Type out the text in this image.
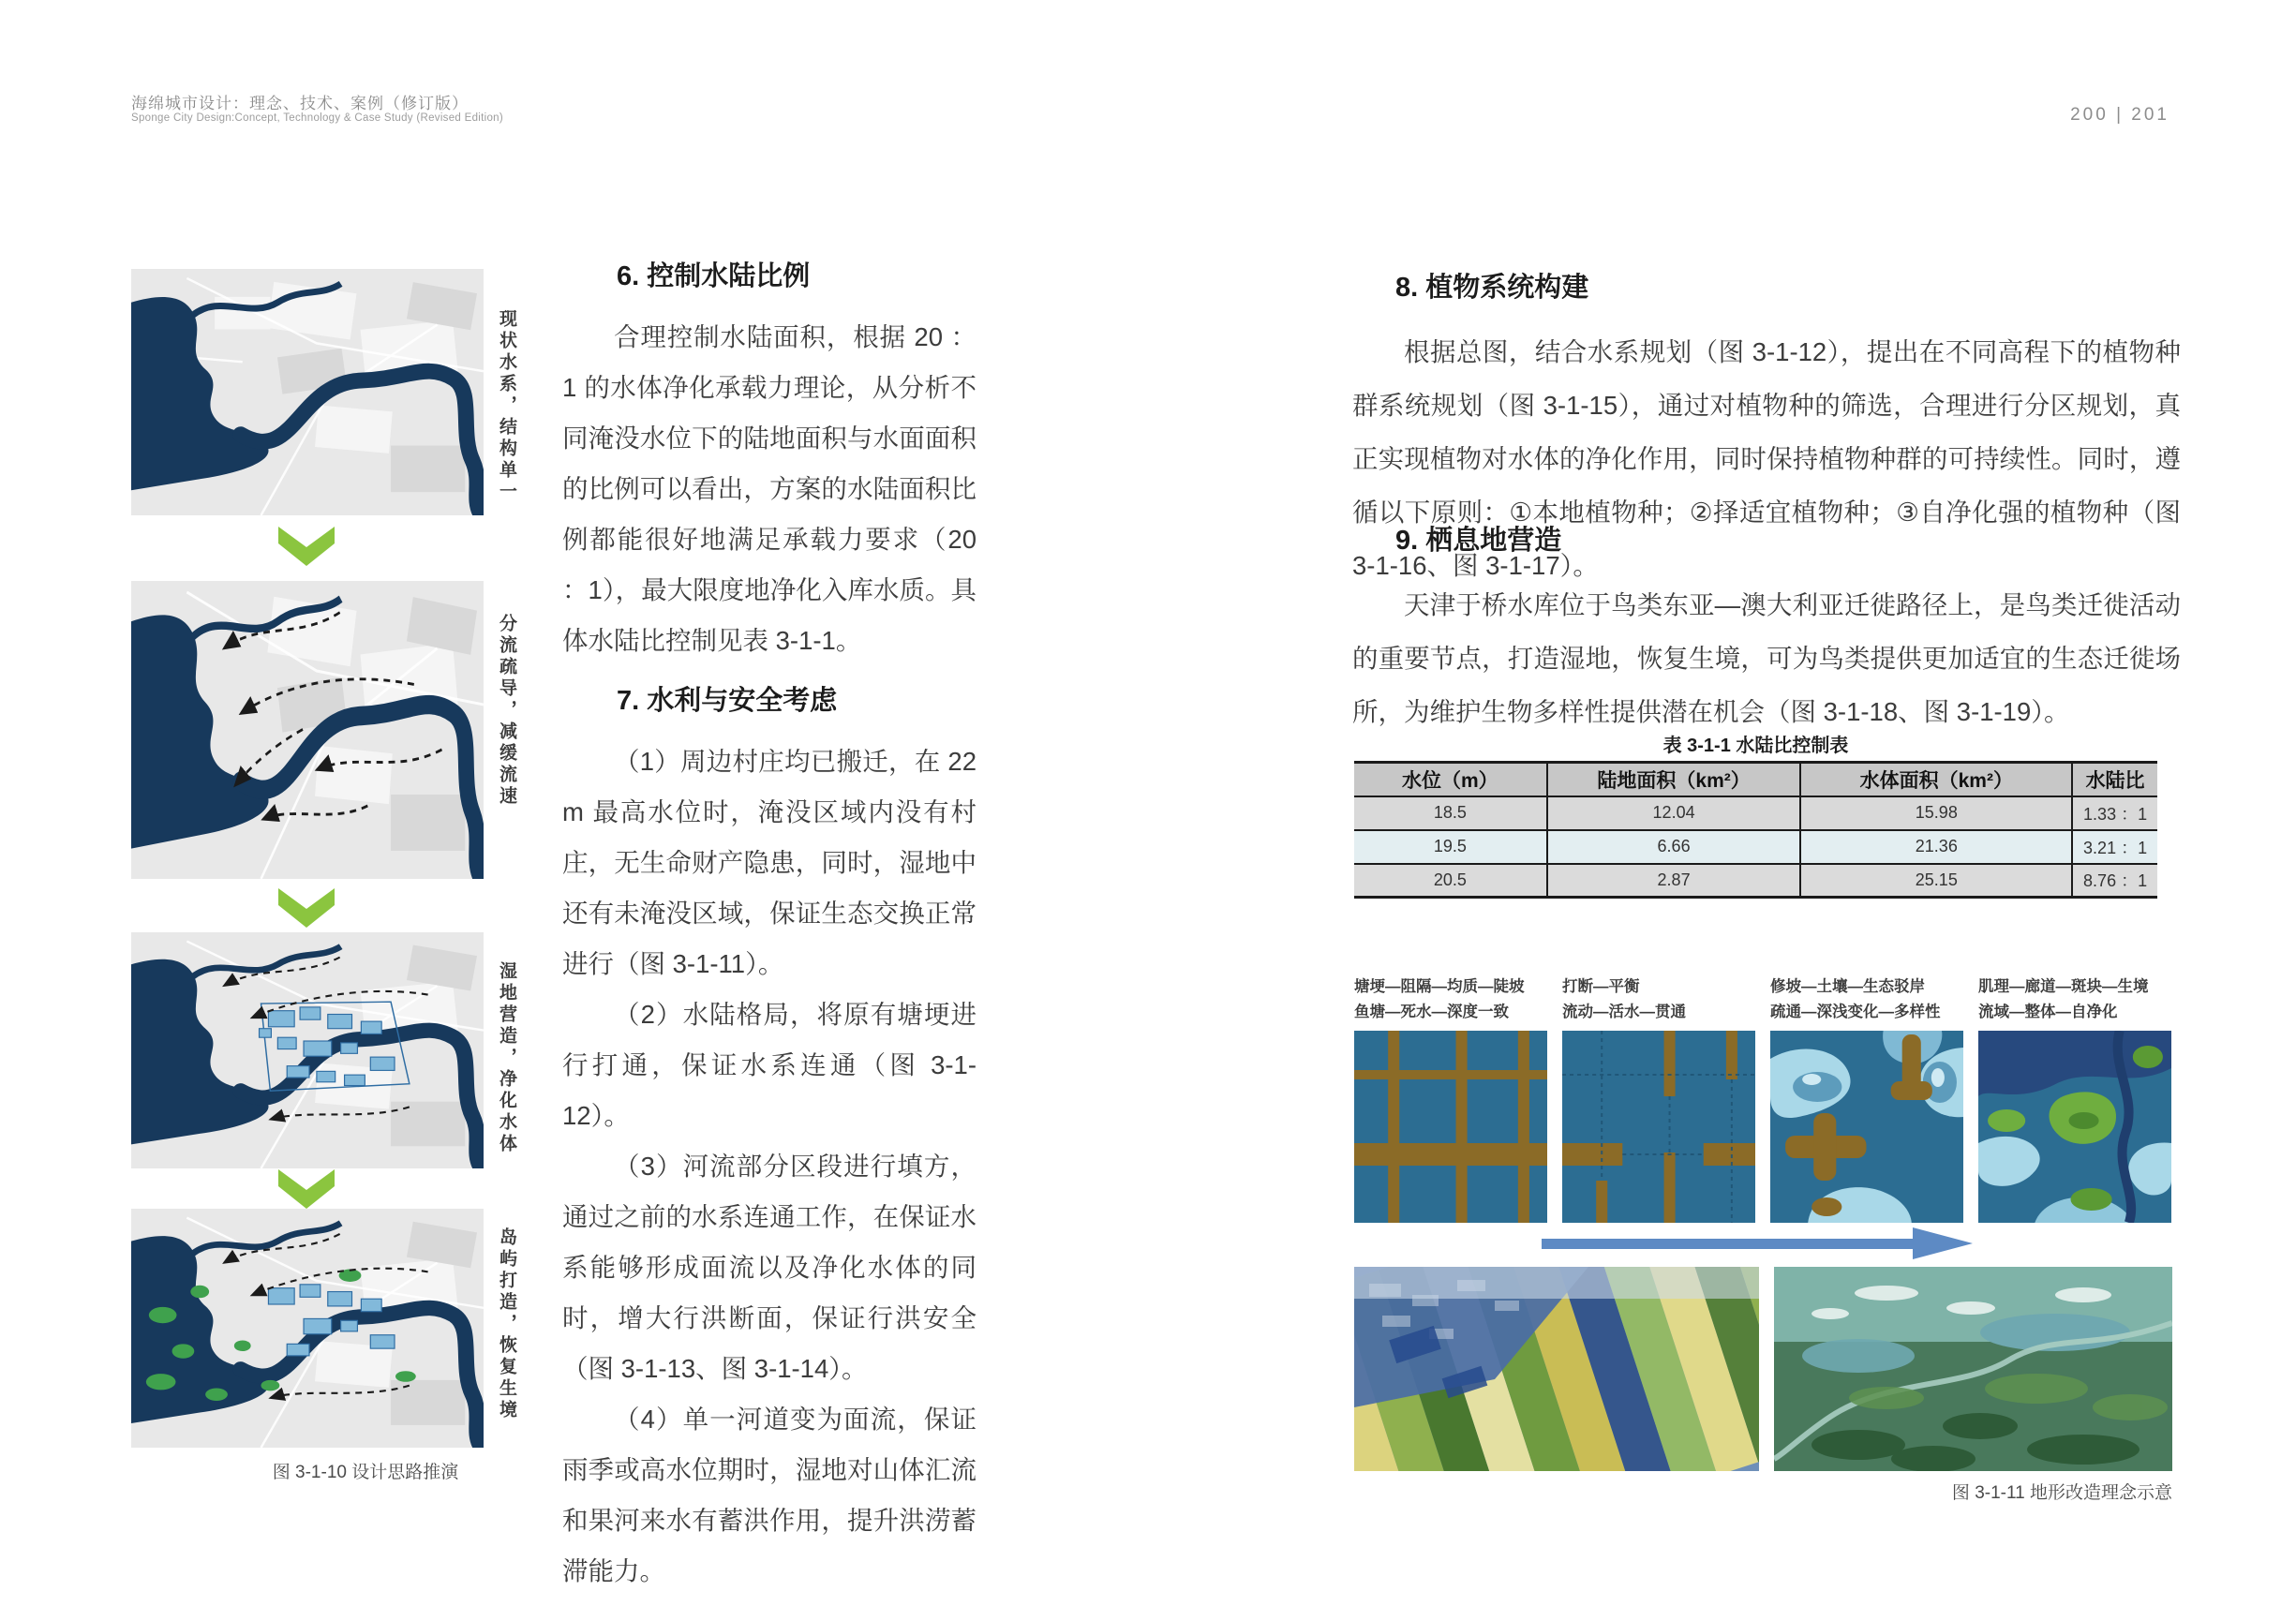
海绵城市设计：理念、技术、案例（修订版）
Sponge City Design:Concept, Technology & Case Study (Revised Edition)	200 | 201
现状水系，结构单一
分流疏导，减缓流速
湿地营造，净化水体
岛屿打造，恢复生境
图 3-1-10 设计思路推演
6. 控制水陆比例

合理控制水陆面积，根据 20 ：1 的水体净化承载力理论，从分析不同淹没水位下的陆地面积与水面面积的比例可以看出，方案的水陆面积比例都能很好地满足承载力要求（20 ：1），最大限度地净化入库水质。具体水陆比控制见表 3-1-1。

7. 水利与安全考虑

（1）周边村庄均已搬迁，在 22 m 最高水位时，淹没区域内没有村庄，无生命财产隐患，同时，湿地中还有未淹没区域，保证生态交换正常进行（图 3-1-11）。

（2）水陆格局，将原有塘埂进行打通，保证水系连通（图 3-1-12）。

（3）河流部分区段进行填方，通过之前的水系连通工作，在保证水系能够形成面流以及净化水体的同时，增大行洪断面，保证行洪安全（图 3-1-13、图 3-1-14）。

（4）单一河道变为面流，保证雨季或高水位期时，湿地对山体汇流和果河来水有蓄洪作用，提升洪涝蓄滞能力。

8. 植物系统构建

根据总图，结合水系规划（图 3-1-12），提出在不同高程下的植物种群系统规划（图 3-1-15），通过对植物种的筛选，合理进行分区规划，真正实现植物对水体的净化作用，同时保持植物种群的可持续性。同时，遵循以下原则：①本地植物种；②择适宜植物种；③自净化强的植物种（图 3-1-16、图 3-1-17）。

9. 栖息地营造

天津于桥水库位于鸟类东亚—澳大利亚迁徙路径上，是鸟类迁徙活动的重要节点，打造湿地，恢复生境，可为鸟类提供更加适宜的生态迁徙场所，为维护生物多样性提供潜在机会（图 3-1-18、图 3-1-19）。

表 3-1-1 水陆比控制表
水位（m）	陆地面积（km²）	水体面积（km²）	水陆比
18.5	12.04	15.98	1.33 ：1
19.5	6.66	21.36	3.21 ：1
20.5	2.87	25.15	8.76 ：1
塘埂—阻隔—均质—陡坡
鱼塘—死水—深度一致
打断—平衡
流动—活水—贯通
修坡—土壤—生态驳岸
疏通—深浅变化—多样性
肌理—廊道—斑块—生境
流域—整体—自净化
图 3-1-11 地形改造理念示意
